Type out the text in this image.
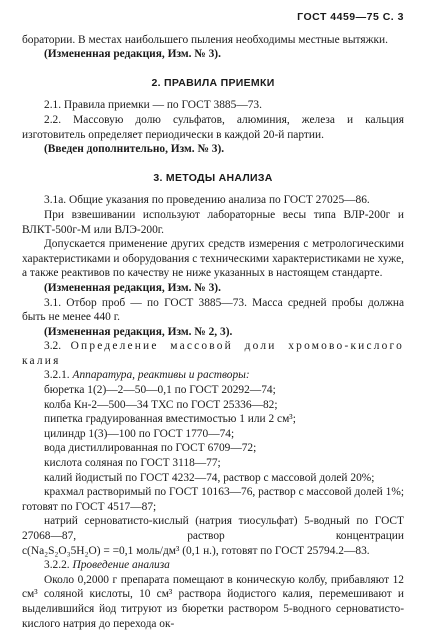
ГОСТ 4459—75 С. 3

боратории. В местах наибольшего пыления необходимы местные вытяжки.

(Измененная редакция, Изм. № 3).

2. ПРАВИЛА ПРИЕМКИ

2.1. Правила приемки — по ГОСТ 3885—73.

2.2. Массовую долю сульфатов, алюминия, железа и кальция изготовитель определяет периодически в каждой 20-й партии.

(Введен дополнительно, Изм. № 3).

3. МЕТОДЫ АНАЛИЗА

3.1а. Общие указания по проведению анализа по ГОСТ 27025—86.

При взвешивании используют лабораторные весы типа ВЛР-200г и ВЛКТ-500г-М или ВЛЭ-200г.

Допускается применение других средств измерения с метрологическими характеристиками и оборудования с техническими характеристиками не хуже, а также реактивов по качеству не ниже указанных в настоящем стандарте.

(Измененная редакция, Изм. № 3).

3.1. Отбор проб — по ГОСТ 3885—73. Масса средней пробы должна быть не менее 440 г.

(Измененная редакция, Изм. № 2, 3).

3.2. Определение массовой доли хромово-кислого калия

3.2.1. Аппаратура, реактивы и растворы:

бюретка 1(2)—2—50—0,1 по ГОСТ 20292—74;

колба Кн-2—500—34 ТХС по ГОСТ 25336—82;

пипетка градуированная вместимостью 1 или 2 см³;

цилиндр 1(3)—100 по ГОСТ 1770—74;

вода дистиллированная по ГОСТ 6709—72;

кислота соляная по ГОСТ 3118—77;

калий йодистый по ГОСТ 4232—74, раствор с массовой долей 20%;

крахмал растворимый по ГОСТ 10163—76, раствор с массовой долей 1%; готовят по ГОСТ 4517—87;

натрий серноватисто-кислый (натрия тиосульфат) 5-водный по ГОСТ 27068—87, раствор концентрации c(Na₂S₂O₃5H₂O) = =0,1 моль/дм³ (0,1 н.), готовят по ГОСТ 25794.2—83.

3.2.2. Проведение анализа

Около 0,2000 г препарата помещают в коническую колбу, прибавляют 12 см³ соляной кислоты, 10 см³ раствора йодистого калия, перемешивают и выделившийся йод титруют из бюретки раствором 5-водного серноватисто-кислого натрия до перехода ок-
